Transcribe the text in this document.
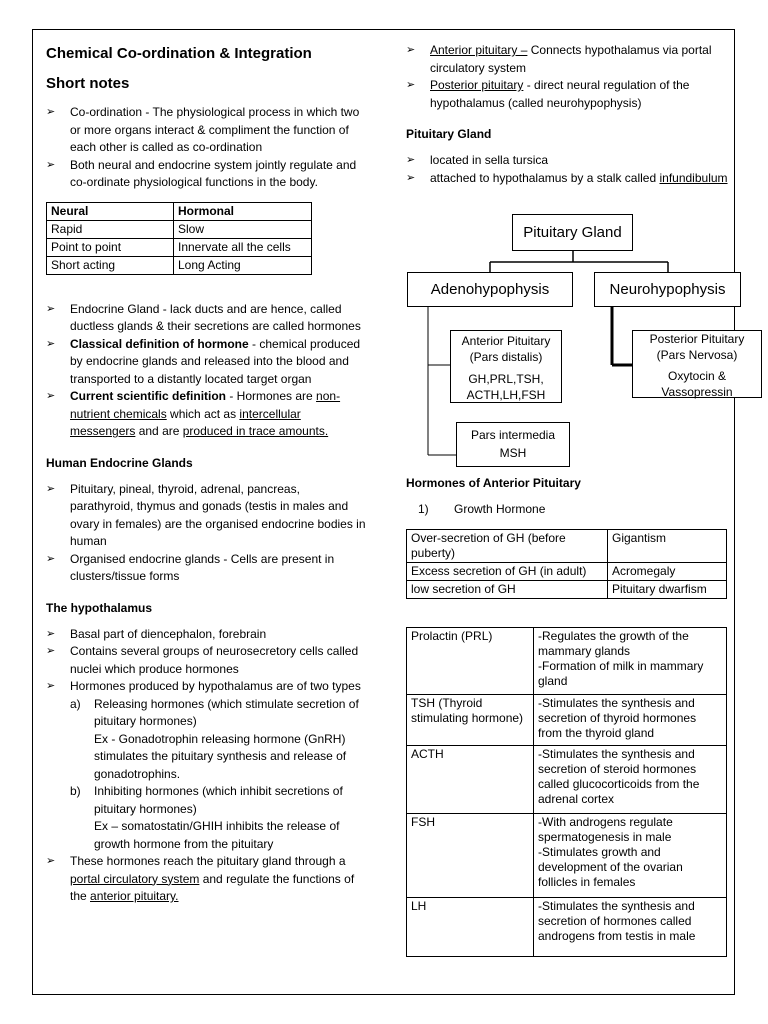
Chemical Co-ordination & Integration
Short notes
➢ Co-ordination - The physiological process in which two or more organs interact & compliment the function of each other is called as co-ordination
➢ Both neural and endocrine system jointly regulate and co-ordinate physiological functions in the body.
Neural	Hormonal
Rapid	Slow
Point to point	Innervate all the cells
Short acting	Long Acting
➢ Endocrine Gland - lack ducts and are hence, called ductless glands & their secretions are called hormones
➢ Classical definition of hormone - chemical produced by endocrine glands and released into the blood and transported to a distantly located target organ
➢ Current scientific definition - Hormones are non-nutrient chemicals which act as intercellular messengers and are produced in trace amounts.
Human Endocrine Glands
➢ Pituitary, pineal, thyroid, adrenal, pancreas, parathyroid, thymus and gonads (testis in males and ovary in females) are the organised endocrine bodies in human
➢ Organised endocrine glands - Cells are present in clusters/tissue forms
The hypothalamus
➢ Basal part of diencephalon, forebrain
➢ Contains several groups of neurosecretory cells called nuclei which produce hormones
➢ Hormones produced by hypothalamus are of two types
a) Releasing hormones (which stimulate secretion of pituitary hormones)
Ex - Gonadotrophin releasing hormone (GnRH) stimulates the pituitary synthesis and release of gonadotrophins.
b) Inhibiting hormones (which inhibit secretions of pituitary hormones)
Ex – somatostatin/GHIH inhibits the release of growth hormone from the pituitary
➢ These hormones reach the pituitary gland through a portal circulatory system and regulate the functions of the anterior pituitary.
➢ Anterior pituitary – Connects hypothalamus via portal circulatory system
➢ Posterior pituitary - direct neural regulation of the hypothalamus (called neurohypophysis)
Pituitary Gland
➢ located in sella tursica
➢ attached to hypothalamus by a stalk called infundibulum
Pituitary Gland
Adenohypophysis	Neurohypophysis
Anterior Pituitary
(Pars distalis)
GH,PRL,TSH,
ACTH,LH,FSH
Posterior Pituitary
(Pars Nervosa)
Oxytocin &
Vassopressin
Pars intermedia
MSH
Hormones of Anterior Pituitary
1) Growth Hormone
Over-secretion of GH (before puberty)	Gigantism
Excess secretion of GH (in adult)	Acromegaly
low secretion of GH	Pituitary dwarfism
Prolactin (PRL)	-Regulates the growth of the mammary glands
-Formation of milk in mammary gland
TSH (Thyroid stimulating hormone)	-Stimulates the synthesis and secretion of thyroid hormones from the thyroid gland
ACTH	-Stimulates the synthesis and secretion of steroid hormones called glucocorticoids from the adrenal cortex
FSH	-With androgens regulate spermatogenesis in male
-Stimulates growth and development of the ovarian follicles in females
LH	-Stimulates the synthesis and secretion of hormones called androgens from testis in male
